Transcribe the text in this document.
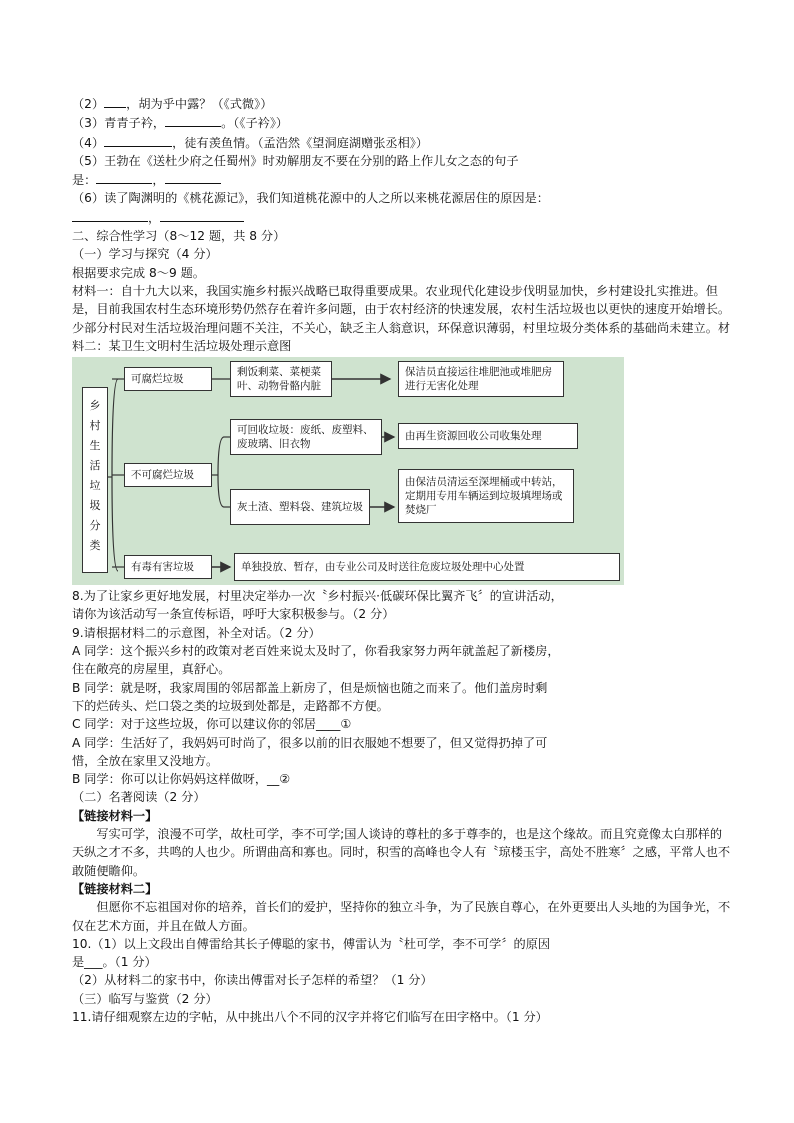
（2） ，胡为乎中露？（《式微》）
（3）青青子衿，	。（《子衿》）
（4）	，徒有羡鱼情。（孟浩然《望洞庭湖赠张丞相》）
（5）王勃在《送杜少府之任蜀州》时劝解朋友不要在分别的路上作儿女之态的句子
是：	，
（6）读了陶渊明的《桃花源记》，我们知道桃花源中的人之所以来桃花源居住的原因是：
，
二、综合性学习（8～12 题，共 8 分）
（一）学习与探究（4 分）
根据要求完成 8～9 题。
材料一：自十九大以来，我国实施乡村振兴战略已取得重要成果。农业现代化建设步伐明显加快，乡村建设扎实推进。但是，目前我国农村生态环境形势仍然存在着许多问题，由于农村经济的快速发展，农村生活垃圾也以更快的速度开始增长。少部分村民对生活垃圾治理问题不关注，不关心，缺乏主人翁意识，环保意识薄弱，村里垃圾分类体系的基础尚未建立。材料二：某卫生文明村生活垃圾处理示意图
乡
村
生
活
垃
圾
分
类
可腐烂垃圾
剩饭剩菜、菜梗菜叶、动物骨骼内脏
保洁员直接运往堆肥池或堆肥房进行无害化处理
不可腐烂垃圾
可回收垃圾：废纸、废塑料、废玻璃、旧衣物
由再生资源回收公司收集处理
灰土渣、塑料袋、建筑垃圾
由保洁员清运至深埋桶或中转站，定期用专用车辆运到垃圾填埋场或焚烧厂
有毒有害垃圾	单独投放、暂存，由专业公司及时送往危废垃圾处理中心处置
8.为了让家乡更好地发展，村里决定举办一次〝乡村振兴·低碳环保比翼齐飞〞的宣讲活动，
请你为该活动写一条宣传标语，呼吁大家积极参与。（2 分）
9.请根据材料二的示意图，补全对话。（2 分）
A 同学：这个振兴乡村的政策对老百姓来说太及时了，你看我家努力两年就盖起了新楼房，
住在敞亮的房屋里，真舒心。
B 同学：就是呀，我家周围的邻居都盖上新房了，但是烦恼也随之而来了。他们盖房时剩
下的烂砖头、烂口袋之类的垃圾到处都是，走路都不方便。
C 同学：对于这些垃圾，你可以建议你的邻居____①
A 同学：生活好了，我妈妈可时尚了，很多以前的旧衣服她不想要了，但又觉得扔掉了可
惜，全放在家里又没地方。
B 同学：你可以让你妈妈这样做呀，__②
（二）名著阅读（2 分）
【链接材料一】
写实可学，浪漫不可学，故杜可学，李不可学;国人谈诗的尊杜的多于尊李的，也是这个缘故。而且究竟像太白那样的天纵之才不多，共鸣的人也少。所谓曲高和寡也。同时，积雪的高峰也令人有〝琼楼玉宇，高处不胜寒〞之感，平常人也不敢随便瞻仰。
【链接材料二】
但愿你不忘祖国对你的培养，首长们的爱护，坚持你的独立斗争，为了民族自尊心，在外更要出人头地的为国争光，不仅在艺术方面，并且在做人方面。
10.（1）以上文段出自傅雷给其长子傅聪的家书，傅雷认为〝杜可学，李不可学〞的原因
是___。（1 分）
（2）从材料二的家书中，你读出傅雷对长子怎样的希望？（1 分）
（三）临写与鉴赏（2 分）
11.请仔细观察左边的字帖，从中挑出八个不同的汉字并将它们临写在田字格中。（1 分）
